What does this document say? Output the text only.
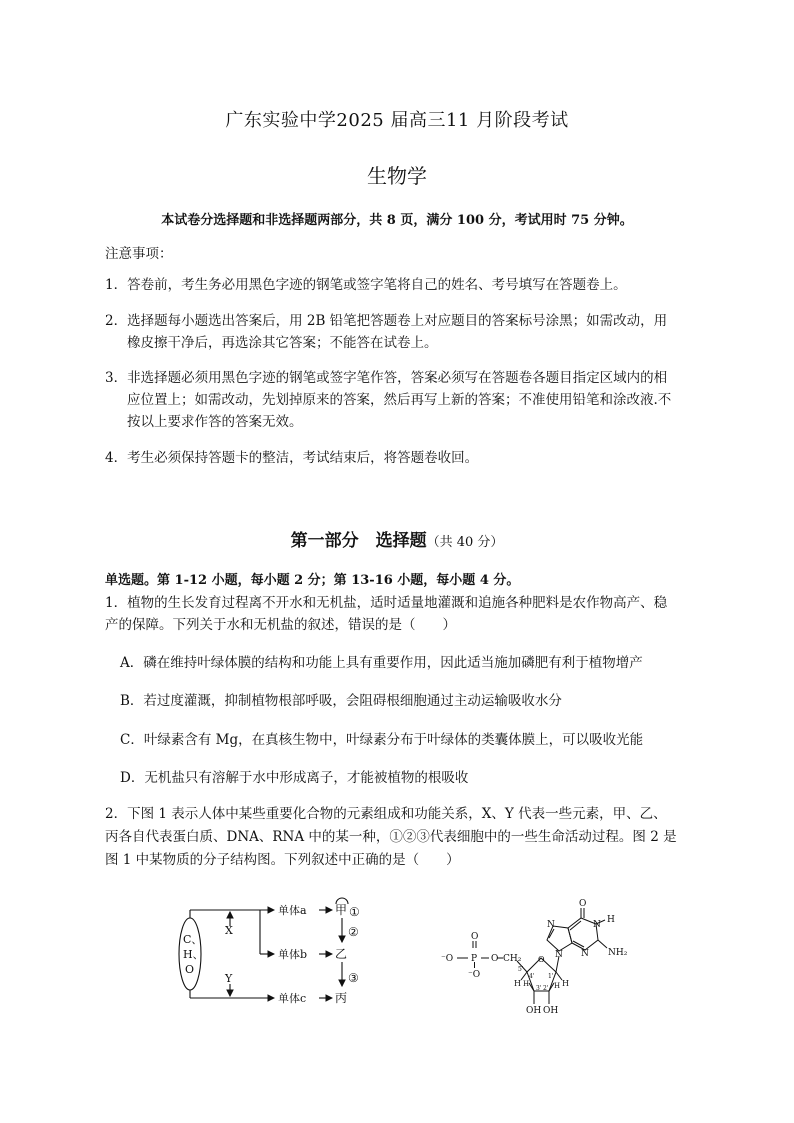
广东实验中学2025 届高三11 月阶段考试
生物学
本试卷分选择题和非选择题两部分，共 8 页，满分 100 分，考试用时 75 分钟。
注意事项：
1．答卷前，考生务必用黑色字迹的钢笔或签字笔将自己的姓名、考号填写在答题卷上。
2．选择题每小题选出答案后，用 2B 铅笔把答题卷上对应题目的答案标号涂黑；如需改动，用
橡皮擦干净后，再选涂其它答案；不能答在试卷上。
3．非选择题必须用黑色字迹的钢笔或签字笔作答，答案必须写在答题卷各题目指定区域内的相
应位置上；如需改动，先划掉原来的答案，然后再写上新的答案；不准使用铅笔和涂改液.不
按以上要求作答的答案无效。
4．考生必须保持答题卡的整洁，考试结束后，将答题卷收回。
第一部分　选择题（共 40 分）
单选题。第 1-12 小题，每小题 2 分；第 13-16 小题，每小题 4 分。
1．植物的生长发育过程离不开水和无机盐，适时适量地灌溉和追施各种肥料是农作物高产、稳
产的保障。下列关于水和无机盐的叙述，错误的是（　　）
A．磷在维持叶绿体膜的结构和功能上具有重要作用，因此适当施加磷肥有利于植物增产
B．若过度灌溉，抑制植物根部呼吸，会阻碍根细胞通过主动运输吸收水分
C．叶绿素含有 Mg，在真核生物中，叶绿素分布于叶绿体的类囊体膜上，可以吸收光能
D．无机盐只有溶解于水中形成离子，才能被植物的根吸收
2．下图 1 表示人体中某些重要化合物的元素组成和功能关系，X、Y 代表一些元素，甲、乙、
丙各自代表蛋白质、DNA、RNA 中的某一种，①②③代表细胞中的一些生命活动过程。图 2 是
图 1 中某物质的分子结构图。下列叙述中正确的是（　　）
C、
H、
O
X
Y
单体a
单体b
单体c
甲
乙
丙
①
②
③
O
⁻O P O CH₂
⁻O
5'
O
4' 1'
H	H
H	H
3' 2'
OH OH
N
N N
N H
O
NH₂
